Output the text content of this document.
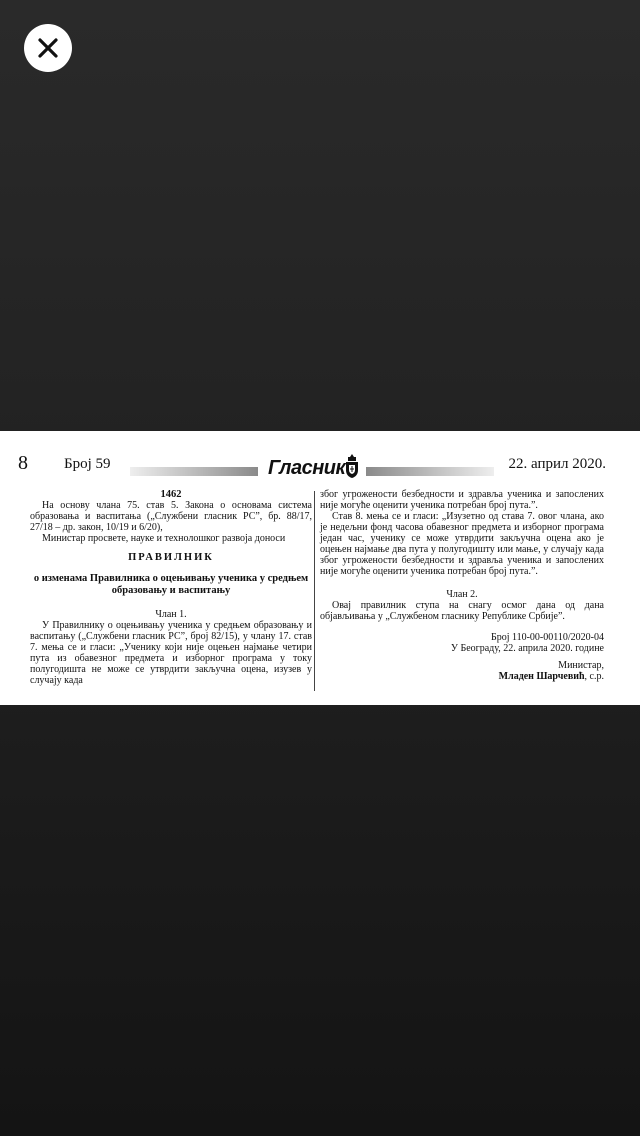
8 Број 59	Гласник	22. април 2020.

1462

На основу члана 75. став 5. Закона о основама система образовања и васпитања („Службени гласник РС”, бр. 88/17, 27/18 – др. закон, 10/19 и 6/20),

Министар просвете, науке и технолошког развоја доноси

ПРАВИЛНИК

о изменама Правилника о оцењивању ученика у средњем образовању и васпитању

Члан 1.

У Правилнику о оцењивању ученика у средњем образовању и васпитању („Службени гласник РС”, број 82/15), у члану 17. став 7. мења се и гласи: „Ученику који није оцењен најмање четири пута из обавезног предмета и изборног програма у току полугодишта не може се утврдити закључна оцена, изузев у случају када

због угрожености безбедности и здравља ученика и запослених није могуће оценити ученика потребан број пута.”.

Став 8. мења се и гласи: „Изузетно од става 7. овог члана, ако је недељни фонд часова обавезног предмета и изборног програма један час, ученику се може утврдити закључна оцена ако је оцењен најмање два пута у полугодишту или мање, у случају када због угрожености безбедности и здравља ученика и запослених није могуће оценити ученика потребан број пута.”.

Члан 2.

Овај правилник ступа на снагу осмог дана од дана објављивања у „Службеном гласнику Републике Србије”.

Број 110-00-00110/2020-04

У Београду, 22. априла 2020. године

Министар,

Младен Шарчевић, с.р.
